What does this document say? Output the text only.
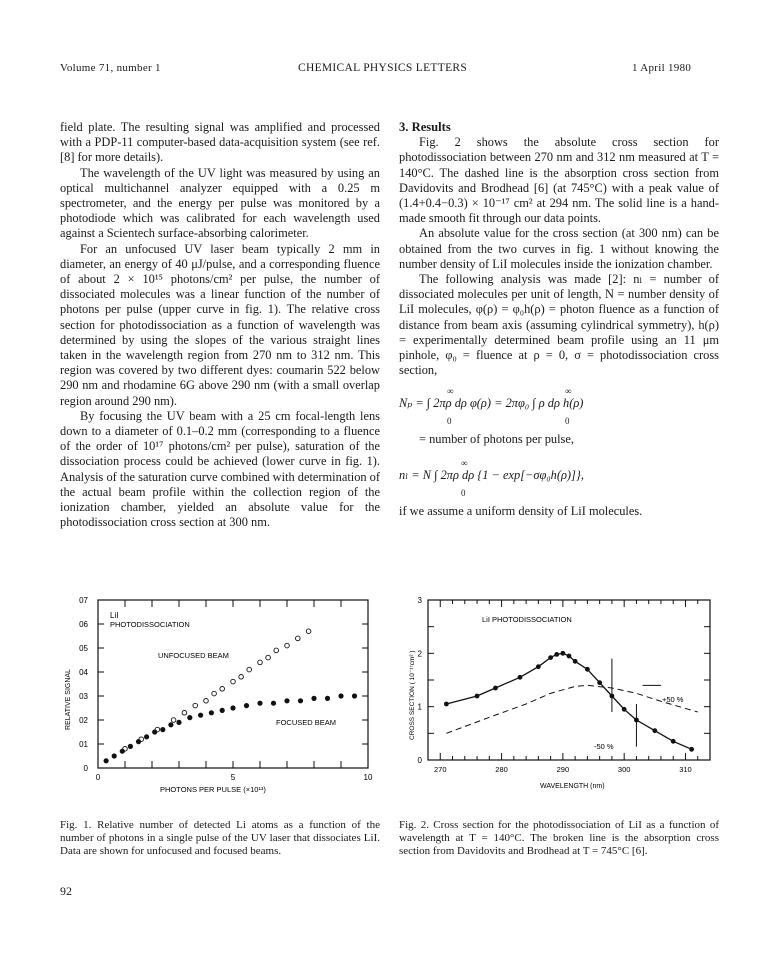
Volume 71, number 1	CHEMICAL PHYSICS LETTERS	1 April 1980

field plate. The resulting signal was amplified and processed with a PDP-11 computer-based data-acquisition system (see ref. [8] for more details).

The wavelength of the UV light was measured by using an optical multichannel analyzer equipped with a 0.25 m spectrometer, and the energy per pulse was monitored by a photodiode which was calibrated for each wavelength used against a Scientech surface-absorbing calorimeter.

For an unfocused UV laser beam typically 2 mm in diameter, an energy of 40 μJ/pulse, and a corresponding fluence of about 2 × 10¹⁵ photons/cm² per pulse, the number of dissociated molecules was a linear function of the number of photons per pulse (upper curve in fig. 1). The relative cross section for photodissociation as a function of wavelength was determined by using the slopes of the various straight lines taken in the wavelength region from 270 nm to 312 nm. This region was covered by two different dyes: coumarin 522 below 290 nm and rhodamine 6G above 290 nm (with a small overlap region around 290 nm).

By focusing the UV beam with a 25 cm focal-length lens down to a diameter of 0.1–0.2 mm (corresponding to a fluence of the order of 10¹⁷ photons/cm² per pulse), saturation of the dissociation process could be achieved (lower curve in fig. 1). Analysis of the saturation curve combined with determination of the actual beam profile within the collection region of the ionization chamber, yielded an absolute value for the photodissociation cross section at 300 nm.

3. Results

Fig. 2 shows the absolute cross section for photodissociation between 270 nm and 312 nm measured at T = 140°C. The dashed line is the absorption cross section from Davidovits and Brodhead [6] (at 745°C) with a peak value of (1.4+0.4−0.3) × 10⁻¹⁷ cm² at 294 nm. The solid line is a hand-made smooth fit through our data points.

An absolute value for the cross section (at 300 nm) can be obtained from the two curves in fig. 1 without knowing the number density of LiI molecules inside the ionization chamber.

The following analysis was made [2]: nₗ = number of dissociated molecules per unit of length, N = number density of LiI molecules, φ(ρ) = φ₀h(ρ) = photon fluence as a function of distance from beam axis (assuming cylindrical symmetry), h(ρ) = experimentally determined beam profile using an 11 μm pinhole, φ₀ = fluence at ρ = 0, σ = photodissociation cross section,

∞	∞
Nₚ = ∫ 2πρ dρ φ(ρ) = 2πφ₀ ∫ ρ dρ h(ρ)
0	0

= number of photons per pulse,

∞
nₗ = N ∫ 2πρ dρ {1 − exp[−σφ₀h(ρ)]},
0

if we assume a uniform density of LiI molecules.

0
01
02
03
04
05
06
07
0	5	10
LiI
PHOTODISSOCIATION
UNFOCUSED BEAM
FOCUSED BEAM
RELATIVE SIGNAL
PHOTONS PER PULSE (×10¹³)
Fig. 1. Relative number of detected Li atoms as a function of the number of photons in a single pulse of the UV laser that dissociates LiI. Data are shown for unfocused and focused beams.
0
1
2
3
270	280	290	300	310
LiI PHOTODISSOCIATION
CROSS SECTION ( 10⁻¹⁷cm² )
WAVELENGTH (nm)
+50 %
-50 %
Fig. 2. Cross section for the photodissociation of LiI as a function of wavelength at T = 140°C. The broken line is the absorption cross section from Davidovits and Brodhead at T = 745°C [6].
92
